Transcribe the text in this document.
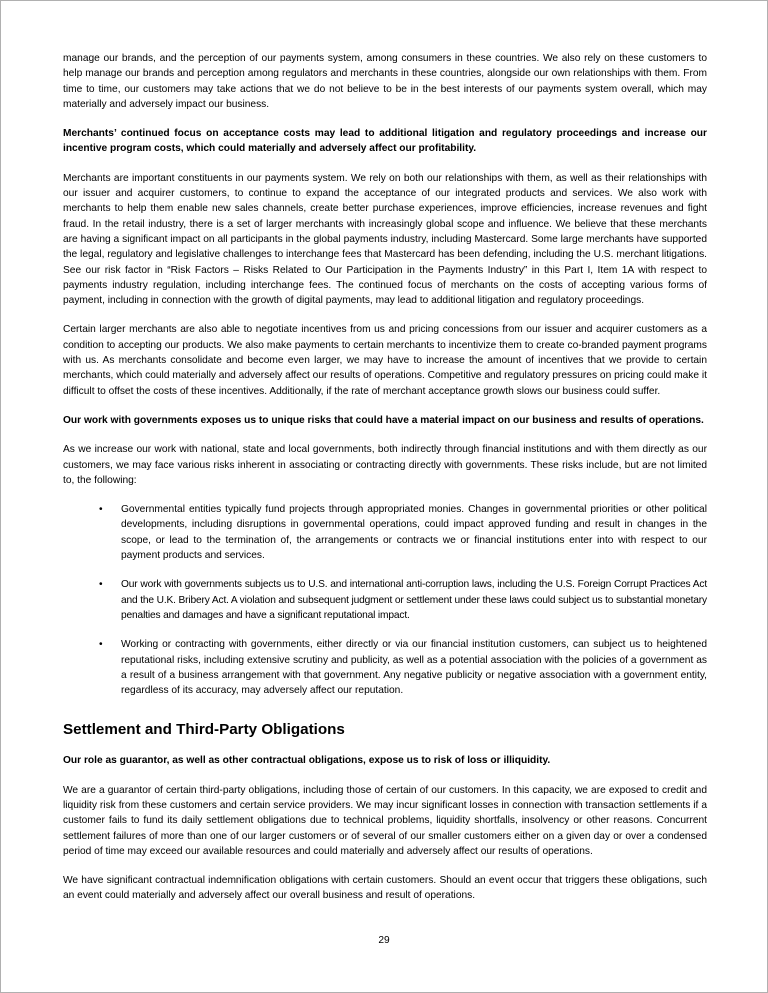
manage our brands, and the perception of our payments system, among consumers in these countries. We also rely on these customers to help manage our brands and perception among regulators and merchants in these countries, alongside our own relationships with them. From time to time, our customers may take actions that we do not believe to be in the best interests of our payments system overall, which may materially and adversely impact our business.

Merchants’ continued focus on acceptance costs may lead to additional litigation and regulatory proceedings and increase our incentive program costs, which could materially and adversely affect our profitability.

Merchants are important constituents in our payments system. We rely on both our relationships with them, as well as their relationships with our issuer and acquirer customers, to continue to expand the acceptance of our integrated products and services. We also work with merchants to help them enable new sales channels, create better purchase experiences, improve efficiencies, increase revenues and fight fraud. In the retail industry, there is a set of larger merchants with increasingly global scope and influence. We believe that these merchants are having a significant impact on all participants in the global payments industry, including Mastercard. Some large merchants have supported the legal, regulatory and legislative challenges to interchange fees that Mastercard has been defending, including the U.S. merchant litigations. See our risk factor in “Risk Factors – Risks Related to Our Participation in the Payments Industry” in this Part I, Item 1A with respect to payments industry regulation, including interchange fees. The continued focus of merchants on the costs of accepting various forms of payment, including in connection with the growth of digital payments, may lead to additional litigation and regulatory proceedings.

Certain larger merchants are also able to negotiate incentives from us and pricing concessions from our issuer and acquirer customers as a condition to accepting our products. We also make payments to certain merchants to incentivize them to create co-branded payment programs with us. As merchants consolidate and become even larger, we may have to increase the amount of incentives that we provide to certain merchants, which could materially and adversely affect our results of operations. Competitive and regulatory pressures on pricing could make it difficult to offset the costs of these incentives. Additionally, if the rate of merchant acceptance growth slows our business could suffer.

Our work with governments exposes us to unique risks that could have a material impact on our business and results of operations.

As we increase our work with national, state and local governments, both indirectly through financial institutions and with them directly as our customers, we may face various risks inherent in associating or contracting directly with governments. These risks include, but are not limited to, the following:

• Governmental entities typically fund projects through appropriated monies. Changes in governmental priorities or other political developments, including disruptions in governmental operations, could impact approved funding and result in changes in the scope, or lead to the termination of, the arrangements or contracts we or financial institutions enter into with respect to our payment products and services.
• Our work with governments subjects us to U.S. and international anti-corruption laws, including the U.S. Foreign Corrupt Practices Act and the U.K. Bribery Act. A violation and subsequent judgment or settlement under these laws could subject us to substantial monetary penalties and damages and have a significant reputational impact.
• Working or contracting with governments, either directly or via our financial institution customers, can subject us to heightened reputational risks, including extensive scrutiny and publicity, as well as a potential association with the policies of a government as a result of a business arrangement with that government. Any negative publicity or negative association with a government entity, regardless of its accuracy, may adversely affect our reputation.
Settlement and Third-Party Obligations

Our role as guarantor, as well as other contractual obligations, expose us to risk of loss or illiquidity.

We are a guarantor of certain third-party obligations, including those of certain of our customers. In this capacity, we are exposed to credit and liquidity risk from these customers and certain service providers. We may incur significant losses in connection with transaction settlements if a customer fails to fund its daily settlement obligations due to technical problems, liquidity shortfalls, insolvency or other reasons. Concurrent settlement failures of more than one of our larger customers or of several of our smaller customers either on a given day or over a condensed period of time may exceed our available resources and could materially and adversely affect our results of operations.

We have significant contractual indemnification obligations with certain customers. Should an event occur that triggers these obligations, such an event could materially and adversely affect our overall business and result of operations.

29
